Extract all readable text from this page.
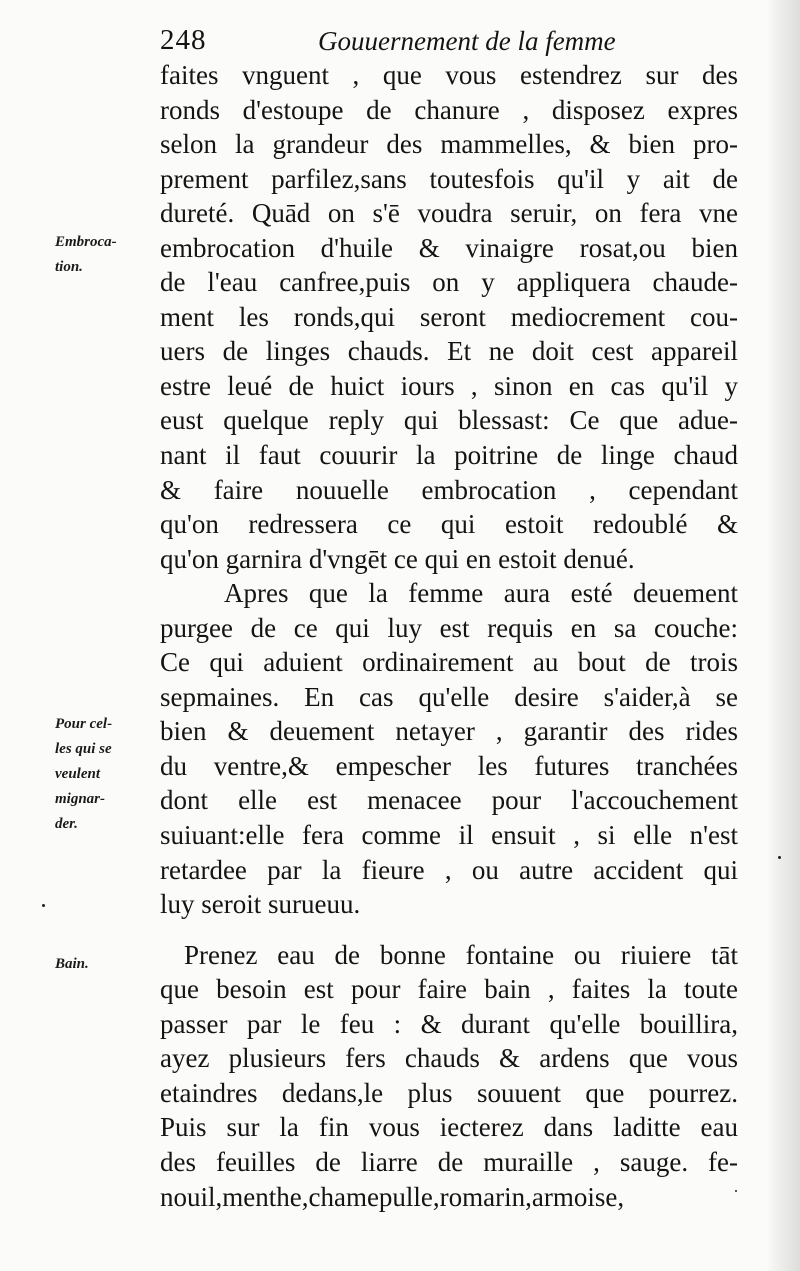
248	Gouuernement de la femme
faites vnguent , que vous estendrez sur des
ronds d'estoupe de chanure , disposez expres
selon la grandeur des mammelles, & bien pro-
prement parfilez,sans toutesfois qu'il y ait de
dureté. Quād on s'ē voudra seruir, on fera vne
embrocation d'huile & vinaigre rosat,ou bien
de l'eau canfree,puis on y appliquera chaude-
ment les ronds,qui seront mediocrement cou-
uers de linges chauds. Et ne doit cest appareil
estre leué de huict iours , sinon en cas qu'il y
eust quelque reply qui blessast: Ce que adue-
nant il faut couurir la poitrine de linge chaud
& faire nouuelle embrocation , cependant
qu'on redressera ce qui estoit redoublé &
qu'on garnira d'vngēt ce qui en estoit denué.
Apres que la femme aura esté deuement
purgee de ce qui luy est requis en sa couche:
Ce qui aduient ordinairement au bout de trois
sepmaines. En cas qu'elle desire s'aider,à se
bien & deuement netayer , garantir des rides
du ventre,& empescher les futures tranchées
dont elle est menacee pour l'accouchement
suiuant:elle fera comme il ensuit , si elle n'est
retardee par la fieure , ou autre accident qui
luy seroit surueuu.
Prenez eau de bonne fontaine ou riuiere tāt
que besoin est pour faire bain , faites la toute
passer par le feu : & durant qu'elle bouillira,
ayez plusieurs fers chauds & ardens que vous
etaindres dedans,le plus souuent que pourrez.
Puis sur la fin vous iecterez dans laditte eau
des feuilles de liarre de muraille , sauge. fe-
nouil,menthe,chamepulle,romarin,armoise,
Embroca-
tion.
Pour cel-
les qui se
veulent
mignar-
der.
Bain.
